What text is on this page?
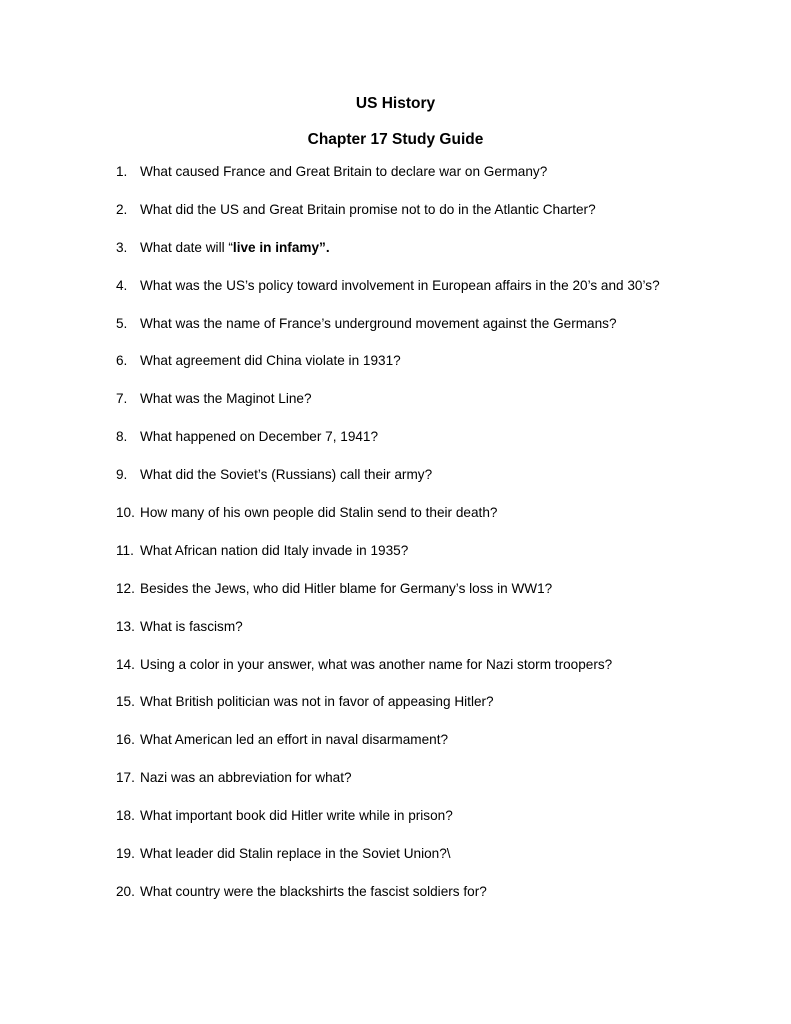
US History
Chapter 17 Study Guide
1. What caused France and Great Britain to declare war on Germany?
2. What did the US and Great Britain promise not to do in the Atlantic Charter?
3. What date will “live in infamy”.
4. What was the US’s policy toward involvement in European affairs in the 20’s and 30’s?
5. What was the name of France’s underground movement against the Germans?
6. What agreement did China violate in 1931?
7. What was the Maginot Line?
8. What happened on December 7, 1941?
9. What did the Soviet’s (Russians) call their army?
10. How many of his own people did Stalin send to their death?
11. What African nation did Italy invade in 1935?
12. Besides the Jews, who did Hitler blame for Germany’s loss in WW1?
13. What is fascism?
14. Using a color in your answer, what was another name for Nazi storm troopers?
15. What British politician was not in favor of appeasing Hitler?
16. What American led an effort in naval disarmament?
17. Nazi was an abbreviation for what?
18. What important book did Hitler write while in prison?
19. What leader did Stalin replace in the Soviet Union?\
20. What country were the blackshirts the fascist soldiers for?
